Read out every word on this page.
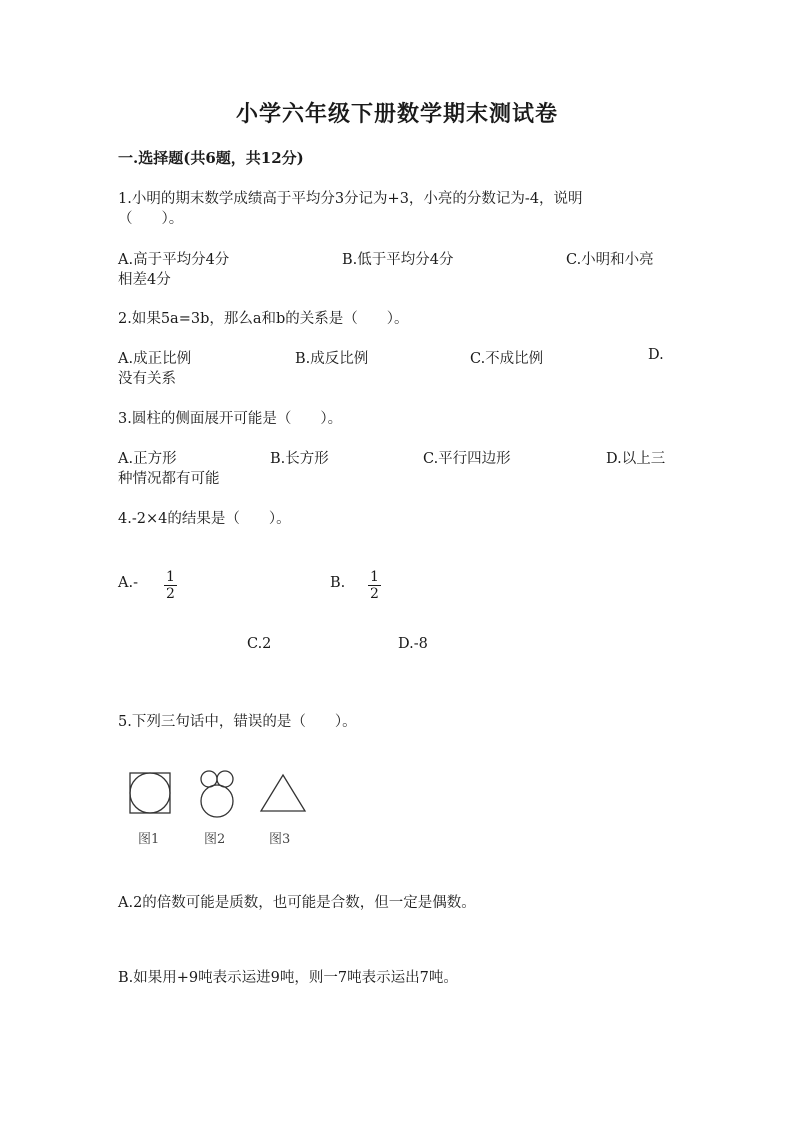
小学六年级下册数学期末测试卷
一.选择题(共6题，共12分)
1.小明的期末数学成绩高于平均分3分记为+3，小亮的分数记为-4，说明
（　　）。
A.高于平均分4分	B.低于平均分4分	C.小明和小亮
相差4分
2.如果5a=3b，那么a和b的关系是（　　）。
A.成正比例	B.成反比例	C.不成比例	D.
没有关系
3.圆柱的侧面展开可能是（　　）。
A.正方形	B.长方形	C.平行四边形	D.以上三
种情况都有可能
4.-2×4的结果是（　　）。
$A.- \frac{1}{2}$	B. $\frac{1}{2}$
C.2	D.-8
5.下列三句话中，错误的是（　　）。
图1	图2	图3
A.2的倍数可能是质数，也可能是合数，但一定是偶数。
B.如果用+9吨表示运进9吨，则一7吨表示运出7吨。
